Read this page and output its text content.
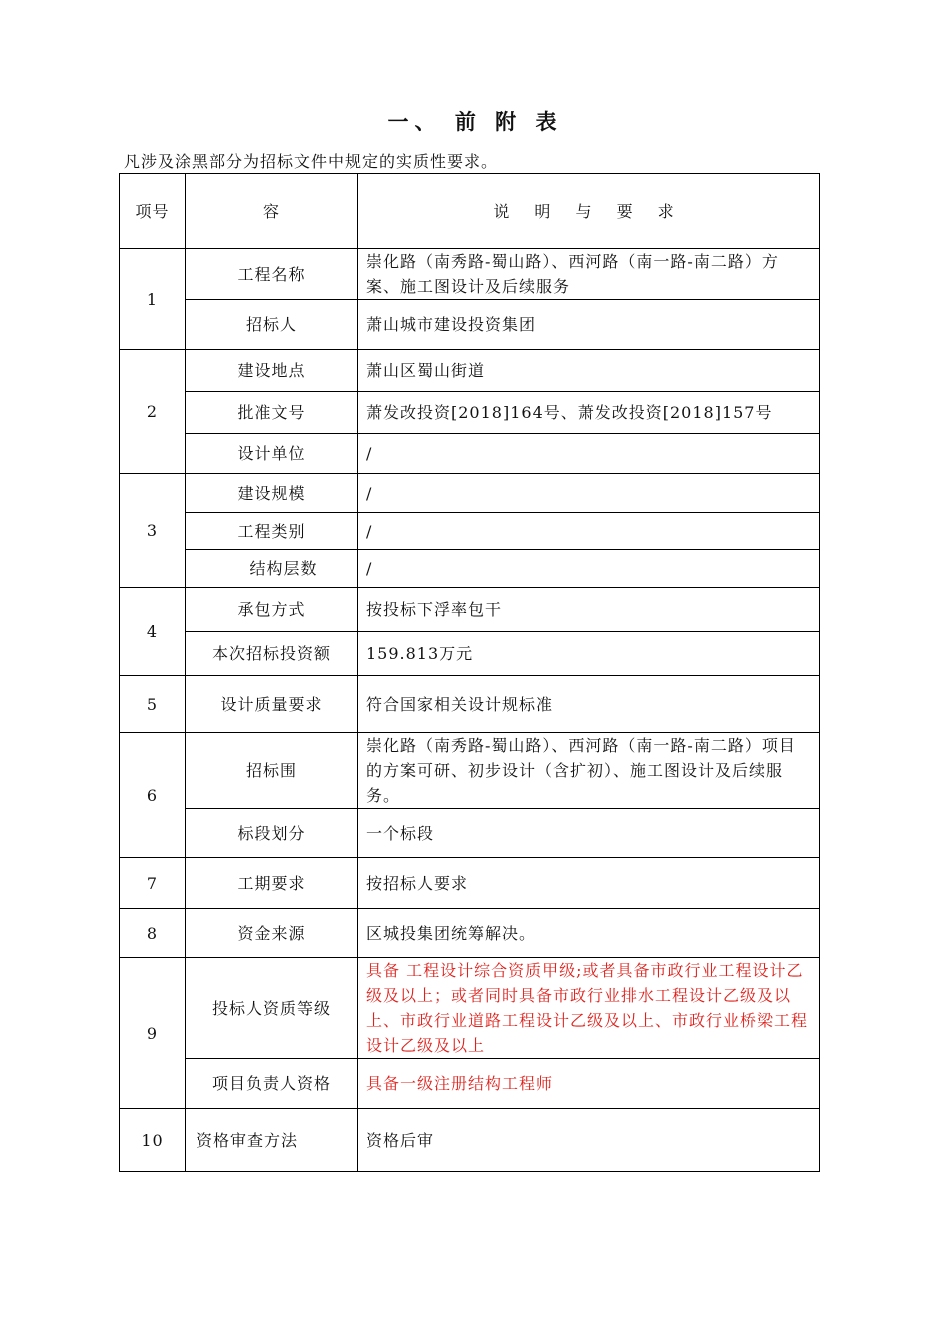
一、 前 附 表
凡涉及涂黑部分为招标文件中规定的实质性要求。
项号	容	说 明 与 要 求
1	工程名称	崇化路（南秀路-蜀山路）、西河路（南一路-南二路）方案、施工图设计及后续服务
	招标人	萧山城市建设投资集团
2	建设地点	萧山区蜀山街道
	批准文号	萧发改投资[2018]164号、萧发改投资[2018]157号
	设计单位	/
3	建设规模	/
	工程类别	/
	结构层数	/
4	承包方式	按投标下浮率包干
	本次招标投资额	159.813万元
5	设计质量要求	符合国家相关设计规标准
6	招标围	崇化路（南秀路-蜀山路）、西河路（南一路-南二路）项目的方案可研、初步设计（含扩初）、施工图设计及后续服务。
	标段划分	一个标段
7	工期要求	按招标人要求
8	资金来源	区城投集团统筹解决。
9	投标人资质等级	具备 工程设计综合资质甲级;或者具备市政行业工程设计乙级及以上；或者同时具备市政行业排水工程设计乙级及以上、市政行业道路工程设计乙级及以上、市政行业桥梁工程设计乙级及以上
	项目负责人资格	具备一级注册结构工程师
10	资格审查方法	资格后审
